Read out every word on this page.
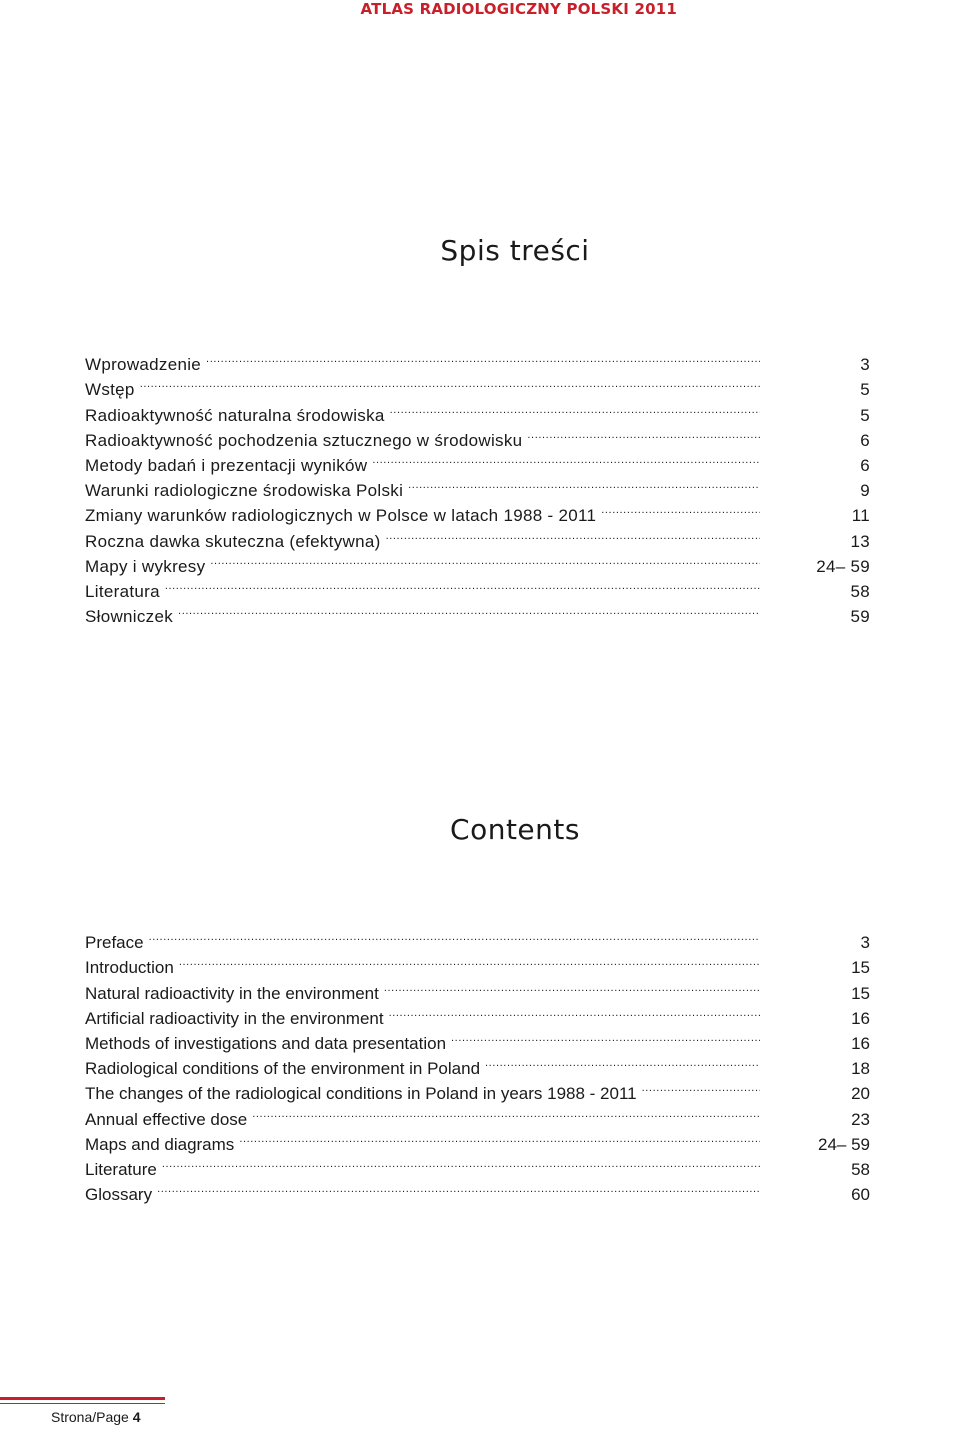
ATLAS RADIOLOGICZNY POLSKI 2011
Spis treści
Wprowadzenie .....	3
Wstęp .....	5
Radioaktywność naturalna środowiska .....	5
Radioaktywność pochodzenia sztucznego w środowisku .....	6
Metody badań i prezentacji wyników .....	6
Warunki radiologiczne środowiska Polski .....	9
Zmiany warunków radiologicznych w Polsce w latach 1988 - 2011 .....	11
Roczna dawka skuteczna (efektywna) .....	13
Mapy i wykresy .....	24– 59
Literatura .....	58
Słowniczek .....	59
Contents
Preface .....	3
Introduction .....	15
Natural radioactivity in the environment .....	15
Artificial radioactivity in the environment .....	16
Methods of investigations and data presentation .....	16
Radiological conditions of the environment in Poland .....	18
The changes of the radiological conditions in Poland in years 1988 - 2011 .....	20
Annual effective dose .....	23
Maps and diagrams .....	24– 59
Literature .....	58
Glossary .....	60
Strona/Page 4
